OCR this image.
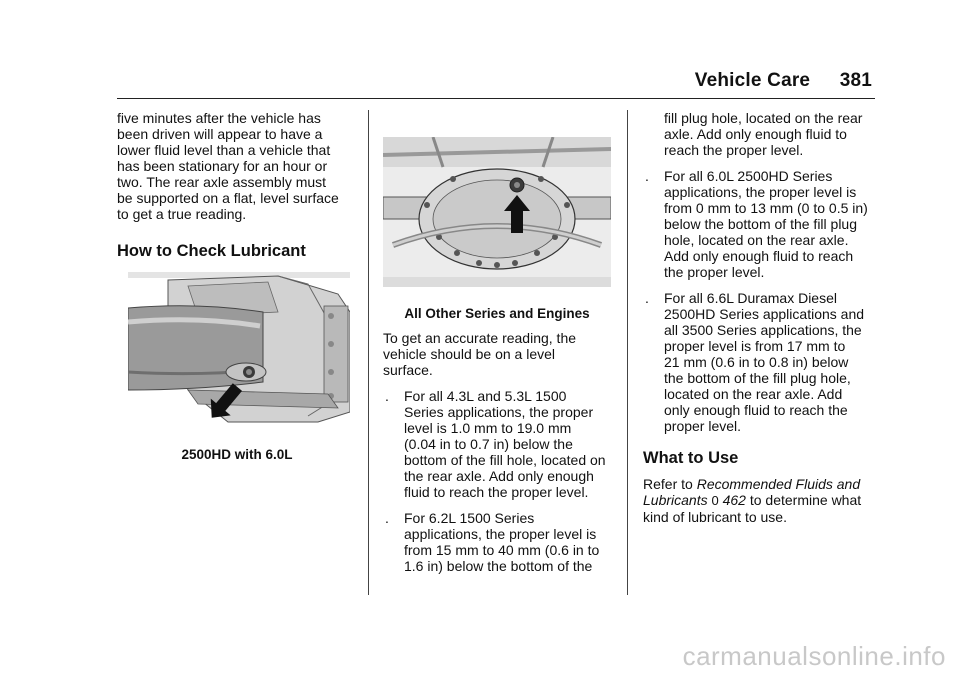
Vehicle Care 381

five minutes after the vehicle has
been driven will appear to have a
lower fluid level than a vehicle that
has been stationary for an hour or
two. The rear axle assembly must
be supported on a flat, level surface
to get a true reading.

How to Check Lubricant
2500HD with 6.0L
All Other Series and Engines

To get an accurate reading, the
vehicle should be on a level
surface.

. For all 4.3L and 5.3L 1500
Series applications, the proper
level is 1.0 mm to 19.0 mm
(0.04 in to 0.7 in) below the
bottom of the fill hole, located on
the rear axle. Add only enough
fluid to reach the proper level.
. For 6.2L 1500 Series
applications, the proper level is
from 15 mm to 40 mm (0.6 in to
1.6 in) below the bottom of the
fill plug hole, located on the rear
axle. Add only enough fluid to
reach the proper level.
. For all 6.0L 2500HD Series
applications, the proper level is
from 0 mm to 13 mm (0 to 0.5 in)
below the bottom of the fill plug
hole, located on the rear axle.
Add only enough fluid to reach
the proper level.
. For all 6.6L Duramax Diesel
2500HD Series applications and
all 3500 Series applications, the
proper level is from 17 mm to
21 mm (0.6 in to 0.8 in) below
the bottom of the fill plug hole,
located on the rear axle. Add
only enough fluid to reach the
proper level.
What to Use

Refer to Recommended Fluids and
Lubricants 0 462 to determine what
kind of lubricant to use.

carmanualsonline.info
